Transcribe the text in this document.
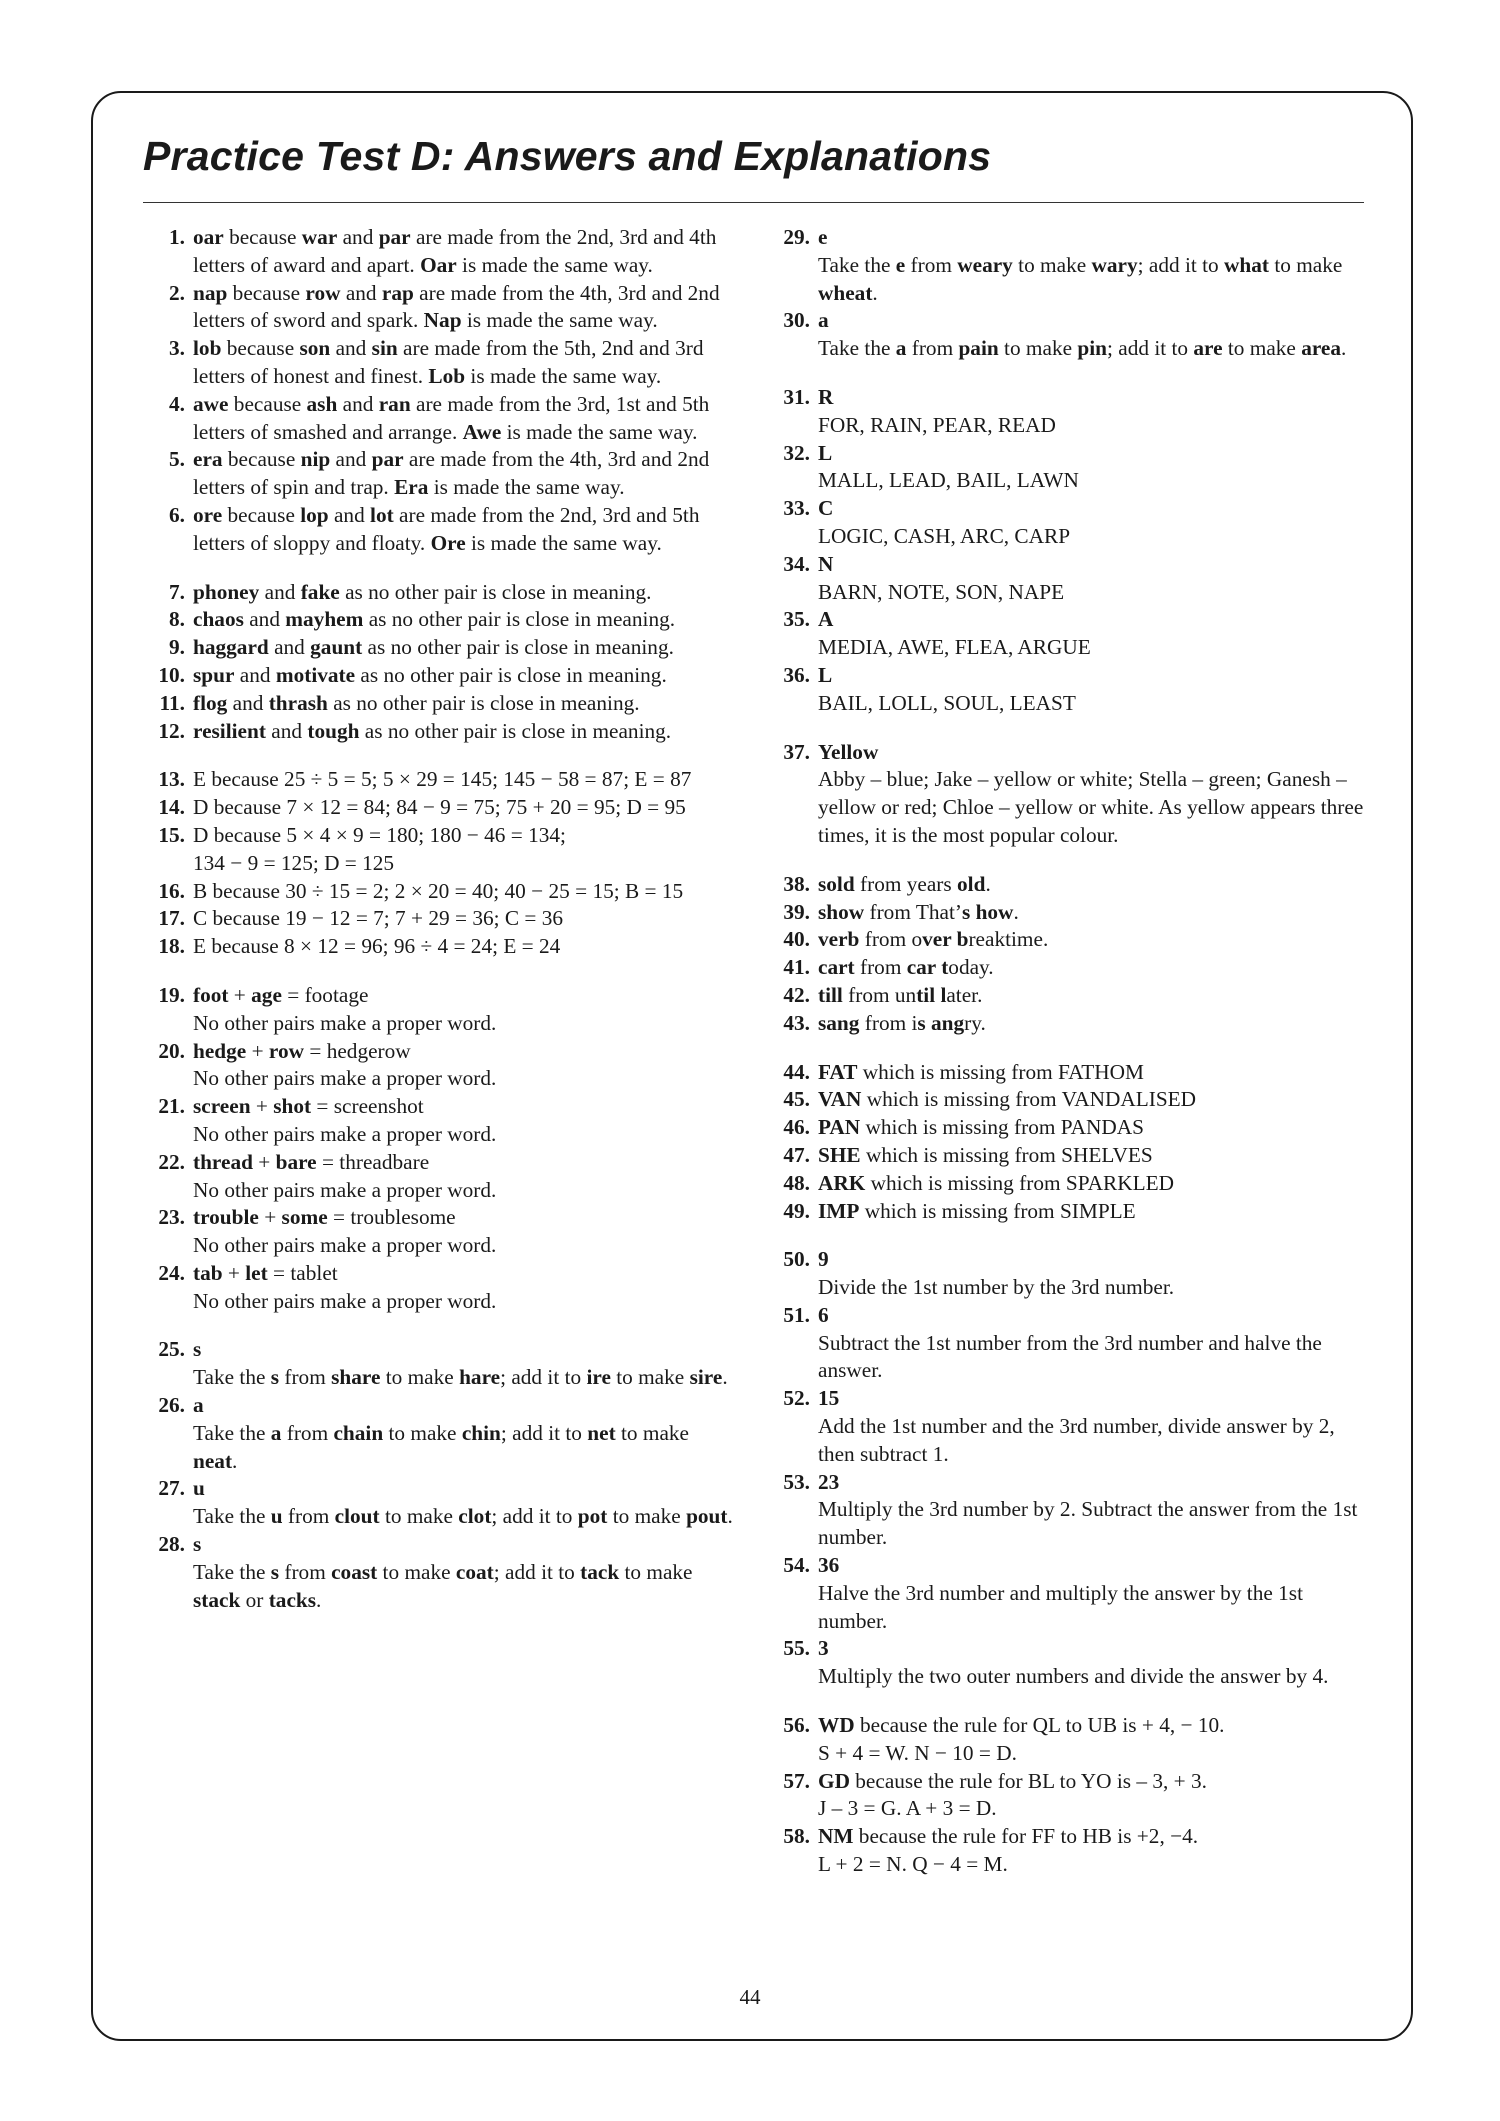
Practice Test D: Answers and Explanations
1. oar because war and par are made from the 2nd, 3rd and 4th letters of award and apart. Oar is made the same way.

2. nap because row and rap are made from the 4th, 3rd and 2nd letters of sword and spark. Nap is made the same way.

3. lob because son and sin are made from the 5th, 2nd and 3rd letters of honest and finest. Lob is made the same way.

4. awe because ash and ran are made from the 3rd, 1st and 5th letters of smashed and arrange. Awe is made the same way.

5. era because nip and par are made from the 4th, 3rd and 2nd letters of spin and trap. Era is made the same way.

6. ore because lop and lot are made from the 2nd, 3rd and 5th letters of sloppy and floaty. Ore is made the same way.

7. phoney and fake as no other pair is close in meaning.

8. chaos and mayhem as no other pair is close in meaning.

9. haggard and gaunt as no other pair is close in meaning.

10. spur and motivate as no other pair is close in meaning.

11. flog and thrash as no other pair is close in meaning.

12. resilient and tough as no other pair is close in meaning.

13. E because 25 ÷ 5 = 5; 5 × 29 = 145; 145 − 58 = 87; E = 87

14. D because 7 × 12 = 84; 84 − 9 = 75; 75 + 20 = 95; D = 95

15. D because 5 × 4 × 9 = 180; 180 − 46 = 134;
134 − 9 = 125; D = 125

16. B because 30 ÷ 15 = 2; 2 × 20 = 40; 40 − 25 = 15; B = 15

17. C because 19 − 12 = 7; 7 + 29 = 36; C = 36

18. E because 8 × 12 = 96; 96 ÷ 4 = 24; E = 24

19. foot + age = footage

No other pairs make a proper word.

20. hedge + row = hedgerow

No other pairs make a proper word.

21. screen + shot = screenshot

No other pairs make a proper word.

22. thread + bare = threadbare

No other pairs make a proper word.

23. trouble + some = troublesome

No other pairs make a proper word.

24. tab + let = tablet

No other pairs make a proper word.

25. s

Take the s from share to make hare; add it to ire to make sire.

26. a

Take the a from chain to make chin; add it to net to make neat.

27. u

Take the u from clout to make clot; add it to pot to make pout.

28. s

Take the s from coast to make coat; add it to tack to make stack or tacks.

29. e

Take the e from weary to make wary; add it to what to make wheat.

30. a

Take the a from pain to make pin; add it to are to make area.

31. R

FOR, RAIN, PEAR, READ

32. L

MALL, LEAD, BAIL, LAWN

33. C

LOGIC, CASH, ARC, CARP

34. N

BARN, NOTE, SON, NAPE

35. A

MEDIA, AWE, FLEA, ARGUE

36. L

BAIL, LOLL, SOUL, LEAST

37. Yellow

Abby – blue; Jake – yellow or white; Stella – green; Ganesh – yellow or red; Chloe – yellow or white. As yellow appears three times, it is the most popular colour.

38. sold from years old.

39. show from That’s how.

40. verb from over breaktime.

41. cart from car today.

42. till from until later.

43. sang from is angry.

44. FAT which is missing from FATHOM

45. VAN which is missing from VANDALISED

46. PAN which is missing from PANDAS

47. SHE which is missing from SHELVES

48. ARK which is missing from SPARKLED

49. IMP which is missing from SIMPLE

50. 9

Divide the 1st number by the 3rd number.

51. 6

Subtract the 1st number from the 3rd number and halve the answer.

52. 15

Add the 1st number and the 3rd number, divide answer by 2, then subtract 1.

53. 23

Multiply the 3rd number by 2. Subtract the answer from the 1st number.

54. 36

Halve the 3rd number and multiply the answer by the 1st number.

55. 3

Multiply the two outer numbers and divide the answer by 4.

56. WD because the rule for QL to UB is + 4, − 10.

S + 4 = W. N − 10 = D.

57. GD because the rule for BL to YO is – 3, + 3.

J – 3 = G. A + 3 = D.

58. NM because the rule for FF to HB is +2, −4.

L + 2 = N. Q − 4 = M.

44
